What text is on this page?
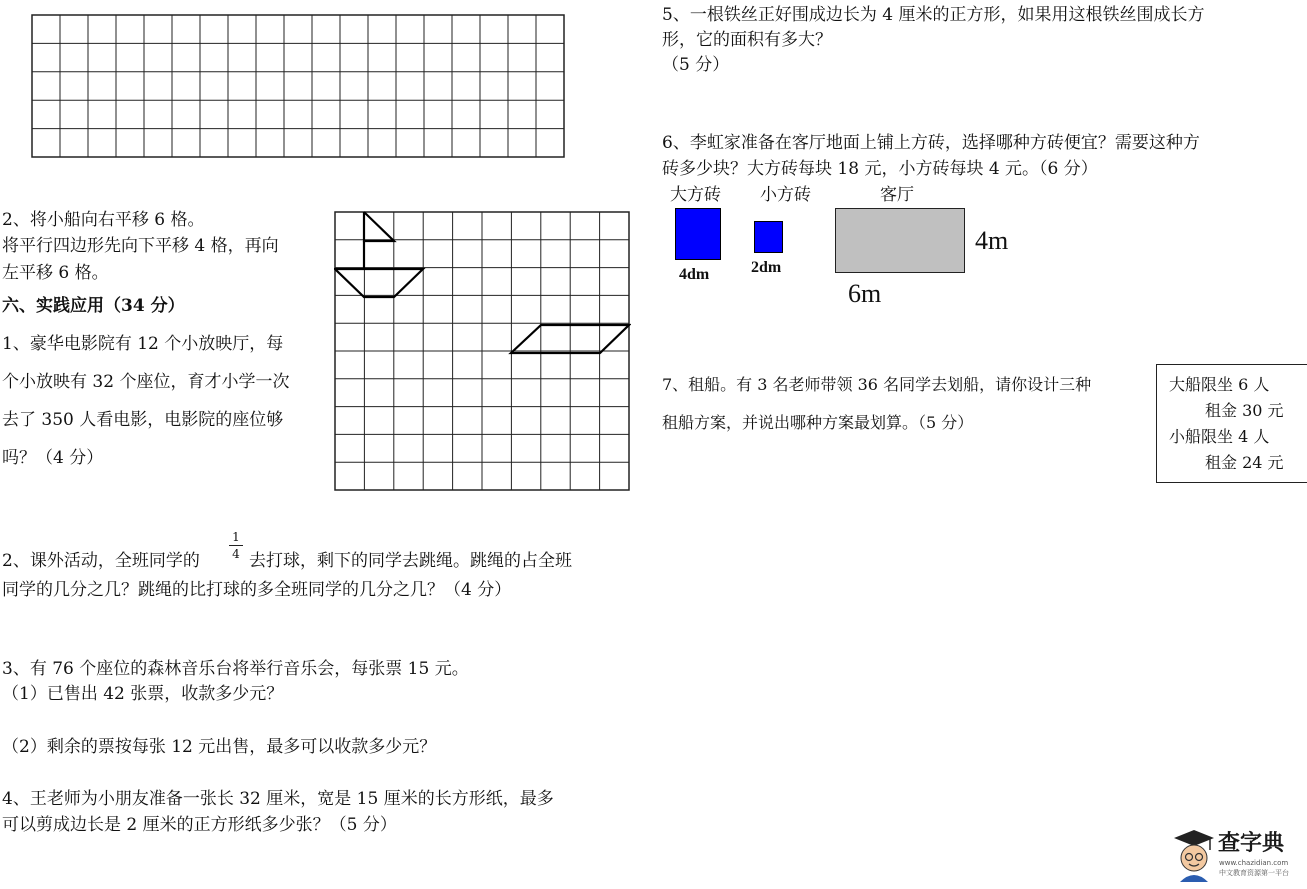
2、将小船向右平移 6 格。
将平行四边形先向下平移 4 格，再向
左平移 6 格。
六、实践应用（34 分）
1、豪华电影院有 12 个小放映厅，每
个小放映有 32 个座位，育才小学一次
去了 350 人看电影，电影院的座位够
吗？（4 分）
2、课外活动，全班同学的
1
4 去打球，剩下的同学去跳绳。跳绳的占全班
同学的几分之几？跳绳的比打球的多全班同学的几分之几？（4 分）
3、有 76 个座位的森林音乐台将举行音乐会，每张票 15 元。
（1）已售出 42 张票，收款多少元？
（2）剩余的票按每张 12 元出售，最多可以收款多少元？
4、王老师为小朋友准备一张长 32 厘米，宽是 15 厘米的长方形纸，最多
可以剪成边长是 2 厘米的正方形纸多少张？（5 分）
5、一根铁丝正好围成边长为 4 厘米的正方形，如果用这根铁丝围成长方
形，它的面积有多大？
（5 分）
6、李虹家准备在客厅地面上铺上方砖，选择哪种方砖便宜？需要这种方
砖多少块？大方砖每块 18 元，小方砖每块 4 元。（6 分）
大方砖 小方砖	客厅
4dm	2dm
4m
6m
7、租船。有 3 名老师带领 36 名同学去划船，请你设计三种
租船方案，并说出哪种方案最划算。（5 分）
大船限坐 6 人
租金 30 元
小船限坐 4 人
租金 24 元
查字典
www.chazidian.com
中文教育资源第一平台
